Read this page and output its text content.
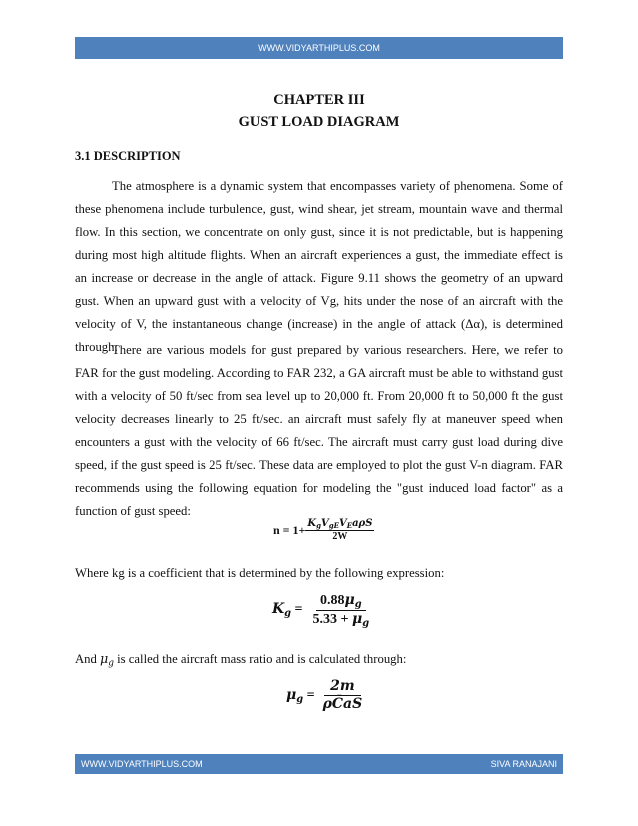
WWW.VIDYARTHIPLUS.COM
CHAPTER III
GUST LOAD DIAGRAM
3.1 DESCRIPTION

The atmosphere is a dynamic system that encompasses variety of phenomena. Some of these phenomena include turbulence, gust, wind shear, jet stream, mountain wave and thermal flow. In this section, we concentrate on only gust, since it is not predictable, but is happening during most high altitude flights. When an aircraft experiences a gust, the immediate effect is an increase or decrease in the angle of attack. Figure 9.11 shows the geometry of an upward gust. When an upward gust with a velocity of Vg, hits under the nose of an aircraft with the velocity of V, the instantaneous change (increase) in the angle of attack (Δα), is determined through:

There are various models for gust prepared by various researchers. Here, we refer to FAR for the gust modeling. According to FAR 232, a GA aircraft must be able to withstand gust with a velocity of 50 ft/sec from sea level up to 20,000 ft. From 20,000 ft to 50,000 ft the gust velocity decreases linearly to 25 ft/sec. an aircraft must safely fly at maneuver speed when encounters a gust with the velocity of 66 ft/sec. The aircraft must carry gust load during dive speed, if the gust speed is 25 ft/sec. These data are employed to plot the gust V-n diagram. FAR recommends using the following equation for modeling the "gust induced load factor" as a function of gust speed:

$n = 1+ \frac{K_gV_{gE}V_Ea\rho S}{2W}$
Where kg is a coefficient that is determined by the following expression:
$K_g = \frac{0.88\mu_g}{5.33 + \mu_g}$
And $\mu_g$ is called the aircraft mass ratio and is calculated through:
$\mu_g = \frac{2m}{\rho C̄aS}$
WWW.VIDYARTHIPLUS.COM	SIVA RANAJANI
